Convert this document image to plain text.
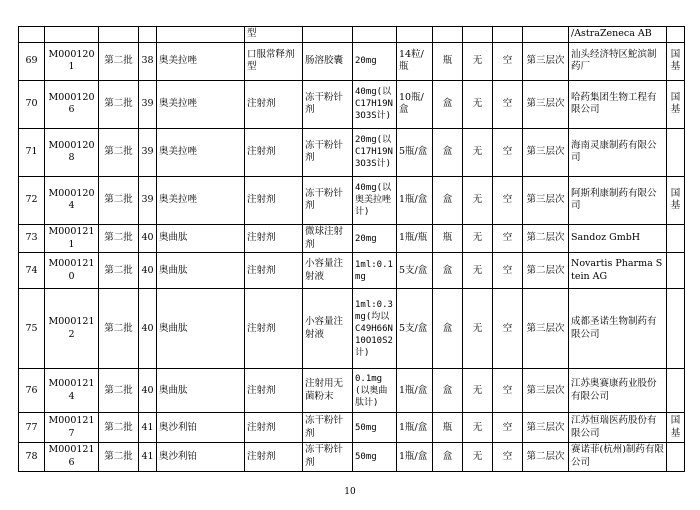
					型								/AstraZeneca AB	
69	M0001201	第二批	38	奥美拉唑	口服常释剂型	肠溶胶囊	20mg	14粒/瓶	瓶	无	空	第三层次	汕头经济特区鮀滨制药厂	国基
70	M0001206	第二批	39	奥美拉唑	注射剂	冻干粉针剂	40mg(以C17H19N3O3S计)	10瓶/盒	盒	无	空	第三层次	哈药集团生物工程有限公司	国基
71	M0001208	第二批	39	奥美拉唑	注射剂	冻干粉针剂	20mg(以C17H19N3O3S计)	5瓶/盒	盒	无	空	第三层次	海南灵康制药有限公司	
72	M0001204	第二批	39	奥美拉唑	注射剂	冻干粉针剂	40mg(以奥美拉唑计)	1瓶/盒	盒	无	空	第三层次	阿斯利康制药有限公司	国基
73	M0001211	第二批	40	奥曲肽	注射剂	微球注射剂	20mg	1瓶/瓶	瓶	无	空	第二层次	Sandoz GmbH	
74	M0001210	第二批	40	奥曲肽	注射剂	小容量注射液	1ml:0.1mg	5支/盒	盒	无	空	第二层次	Novartis Pharma Stein AG	
75	M0001212	第二批	40	奥曲肽	注射剂	小容量注射液	1ml:0.3mg(均以C49H66N10O10S2计)	5支/盒	盒	无	空	第三层次	成都圣诺生物制药有限公司	
76	M0001214	第二批	40	奥曲肽	注射剂	注射用无菌粉末	0.1mg(以奥曲肽计)	1瓶/盒	盒	无	空	第三层次	江苏奥赛康药业股份有限公司	
77	M0001217	第二批	41	奥沙利铂	注射剂	冻干粉针剂	50mg	1瓶/盒	瓶	无	空	第三层次	江苏恒瑞医药股份有限公司	国基
78	M0001216	第二批	41	奥沙利铂	注射剂	冻干粉针剂	50mg	1瓶/盒	盒	无	空	第二层次	赛诺菲(杭州)制药有限公司	
10
